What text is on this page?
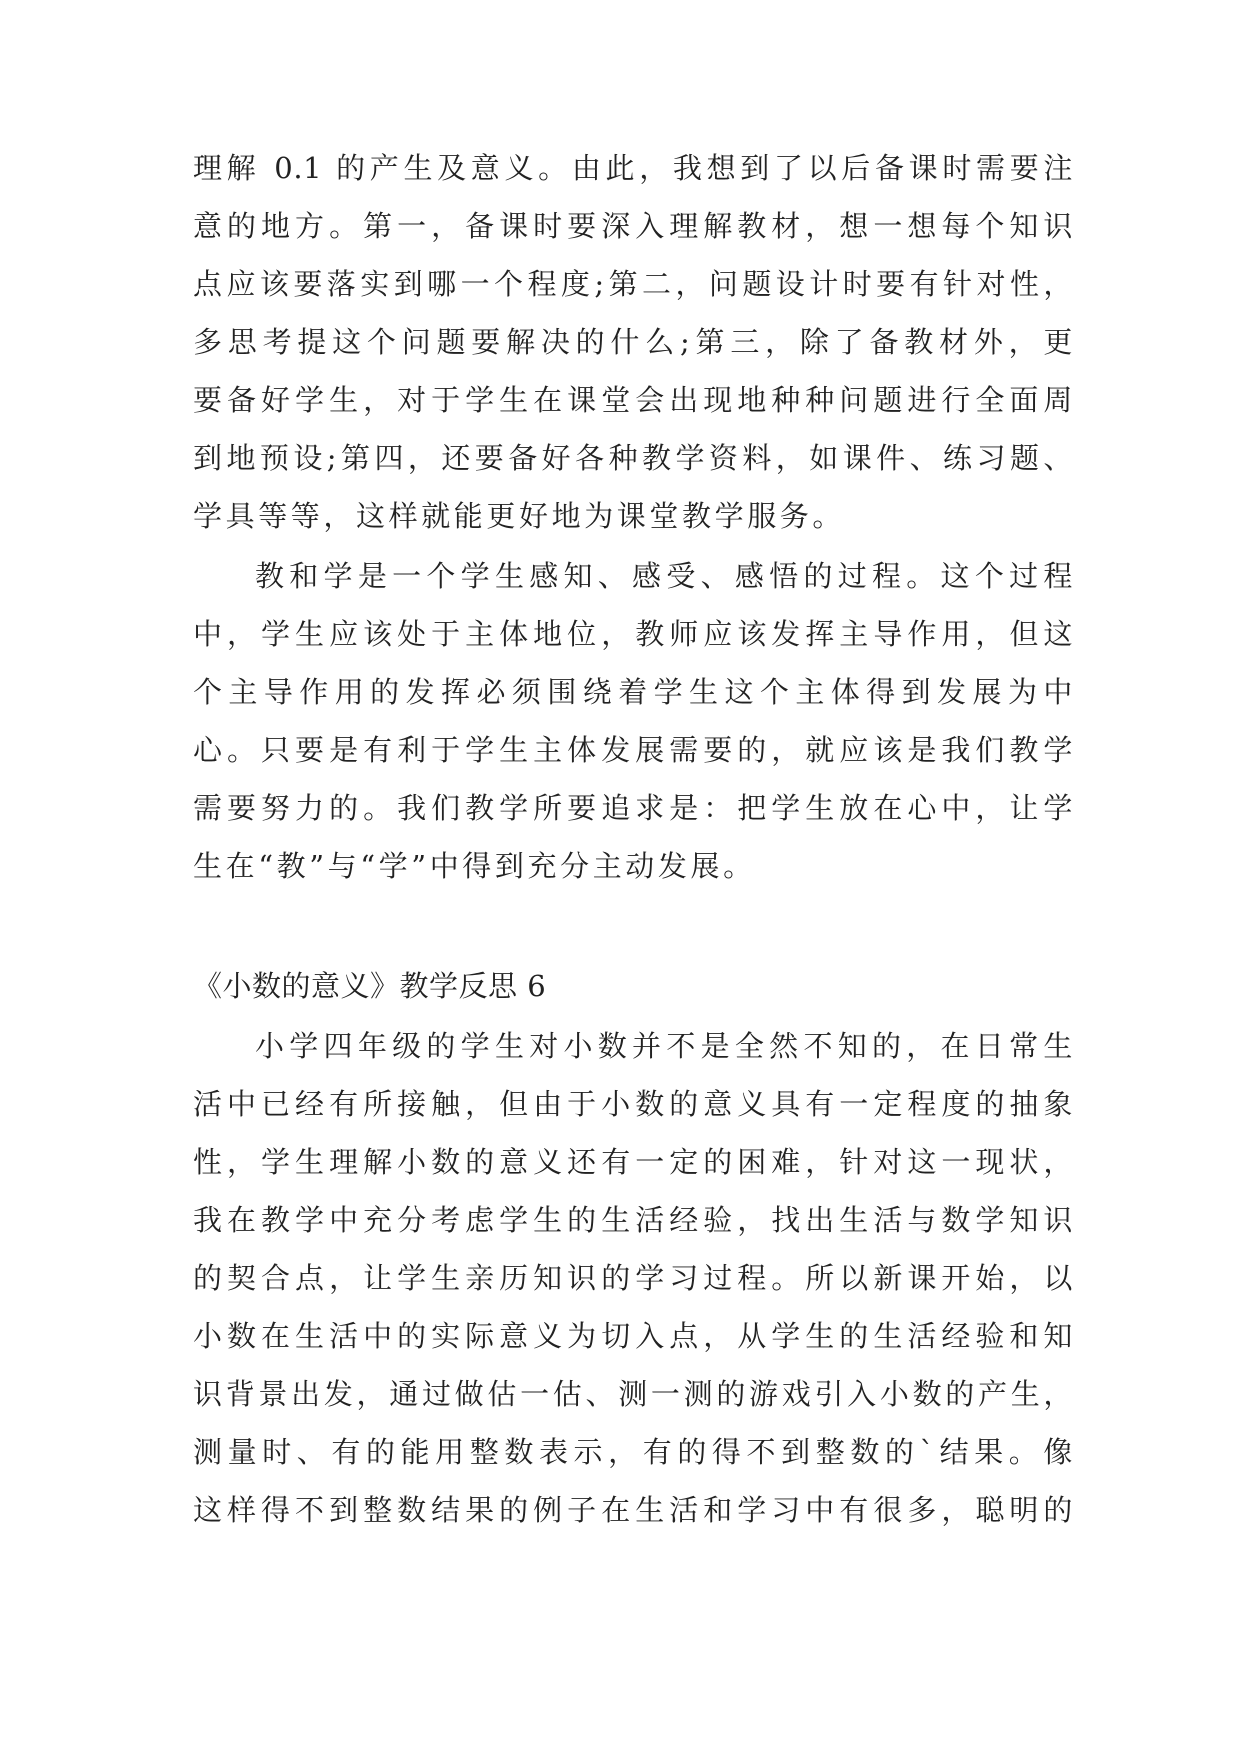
理解 0.1 的产生及意义。由此，我想到了以后备课时需要注
意的地方。第一，备课时要深入理解教材，想一想每个知识
点应该要落实到哪一个程度;第二，问题设计时要有针对性，
多思考提这个问题要解决的什么;第三，除了备教材外，更
要备好学生，对于学生在课堂会出现地种种问题进行全面周
到地预设;第四，还要备好各种教学资料，如课件、练习题、
学具等等，这样就能更好地为课堂教学服务。
教和学是一个学生感知、感受、感悟的过程。这个过程
中，学生应该处于主体地位，教师应该发挥主导作用，但这
个主导作用的发挥必须围绕着学生这个主体得到发展为中
心。只要是有利于学生主体发展需要的，就应该是我们教学
需要努力的。我们教学所要追求是：把学生放在心中，让学
生在“教”与“学”中得到充分主动发展。
《小数的意义》教学反思 6
小学四年级的学生对小数并不是全然不知的，在日常生
活中已经有所接触，但由于小数的意义具有一定程度的抽象
性，学生理解小数的意义还有一定的困难，针对这一现状，
我在教学中充分考虑学生的生活经验，找出生活与数学知识
的契合点，让学生亲历知识的学习过程。所以新课开始，以
小数在生活中的实际意义为切入点，从学生的生活经验和知
识背景出发，通过做估一估、测一测的游戏引入小数的产生，
测量时、有的能用整数表示，有的得不到整数的`结果。像
这样得不到整数结果的例子在生活和学习中有很多，聪明的
